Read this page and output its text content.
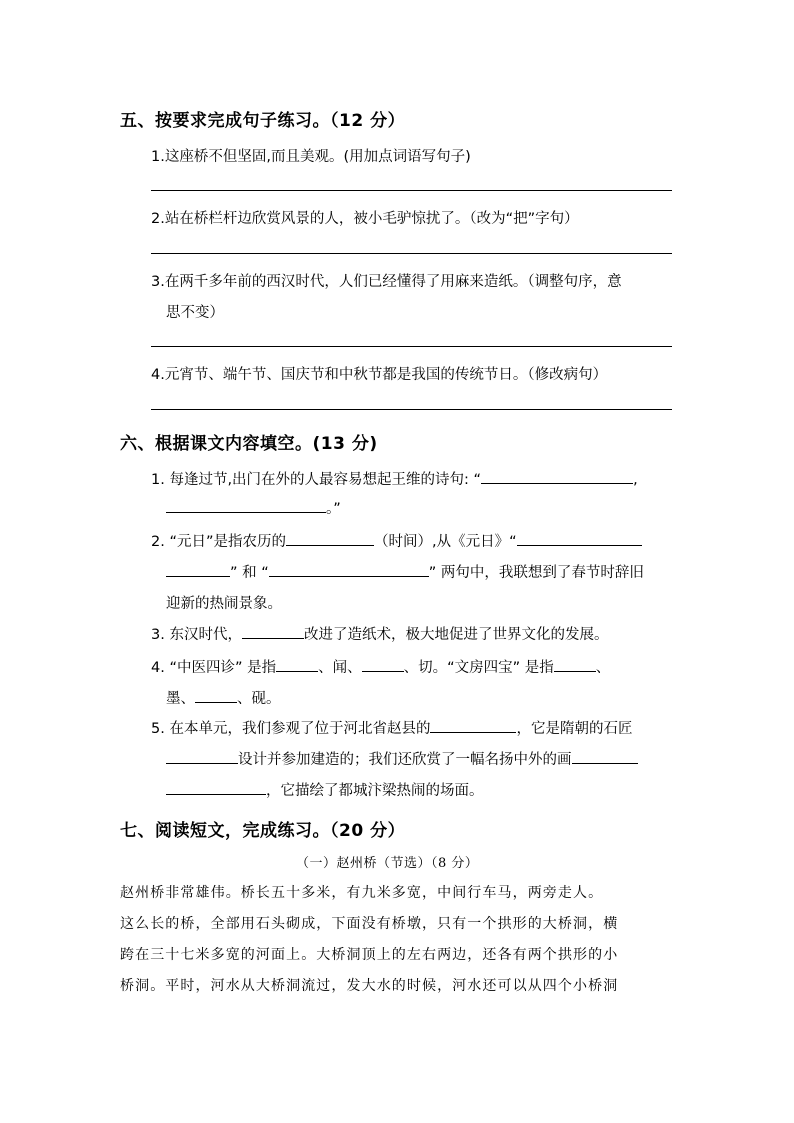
五、按要求完成句子练习。（12 分）
1.这座桥不但坚固,而且美观。(用加点词语写句子)
2.站在桥栏杆边欣赏风景的人，被小毛驴惊扰了。（改为“把”字句）
3.在两千多年前的西汉时代，人们已经懂得了用麻来造纸。（调整句序，意
思不变）
4.元宵节、端午节、国庆节和中秋节都是我国的传统节日。（修改病句）
六、根据课文内容填空。(13 分)
1. 每逢过节,出门在外的人最容易想起王维的诗句: “	,
。”
2. “元日”是指农历的	（时间）,从《元日》“
” 和 “	” 两句中，我联想到了春节时辞旧
迎新的热闹景象。
3. 东汉时代，	改进了造纸术，极大地促进了世界文化的发展。
4. “中医四诊” 是指	、闻、	、切。“文房四宝” 是指	、
墨、	、砚。
5. 在本单元，我们参观了位于河北省赵县的	，它是隋朝的石匠
设计并参加建造的；我们还欣赏了一幅名扬中外的画
，它描绘了都城汴梁热闹的场面。
七、阅读短文，完成练习。（20 分）
（一）赵州桥（节选）（8 分）
赵州桥非常雄伟。桥长五十多米，有九米多宽，中间行车马，两旁走人。
这么长的桥，全部用石头砌成，下面没有桥墩，只有一个拱形的大桥洞，横
跨在三十七米多宽的河面上。大桥洞顶上的左右两边，还各有两个拱形的小
桥洞。平时，河水从大桥洞流过，发大水的时候，河水还可以从四个小桥洞
